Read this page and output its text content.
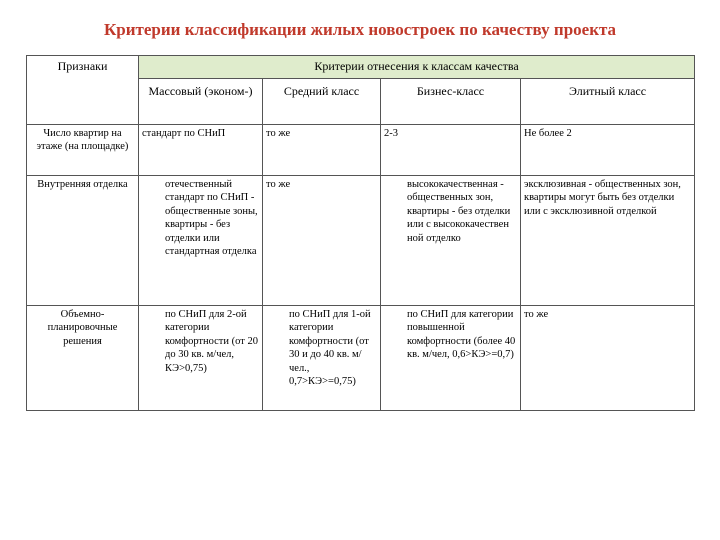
Критерии классификации жилых новостроек по качеству проекта
Признаки	Критерии отнесения к классам качества			
	Массовый (эконом-)	Средний класс	Бизнес-класс	Элитный класс
Число квартир на этаже (на площадке)	стандарт по СНиП	то же	2-3	Не более 2
Внутренняя отделка	отечественный стандарт по СНиП - общественные зоны, квартиры - без отделки или стандартная отделка	то же	высококачественная - общественных зон, квартиры - без отделки или с высококачествен ной отделко	эксклюзивная - общественных зон, квартиры могут быть без отделки или с эксклюзивной отделкой
Объемно-планировочные решения	по СНиП для 2-ой категории комфортности (от 20 до 30 кв. м/чел, КЭ>0,75)	по СНиП для 1-ой категории комфортности (от 30 и до 40 кв. м/чел., 0,7>КЭ>=0,75)	по СНиП для категории повышенной комфортности (более 40 кв. м/чел, 0,6>КЭ>=0,7)	то же
